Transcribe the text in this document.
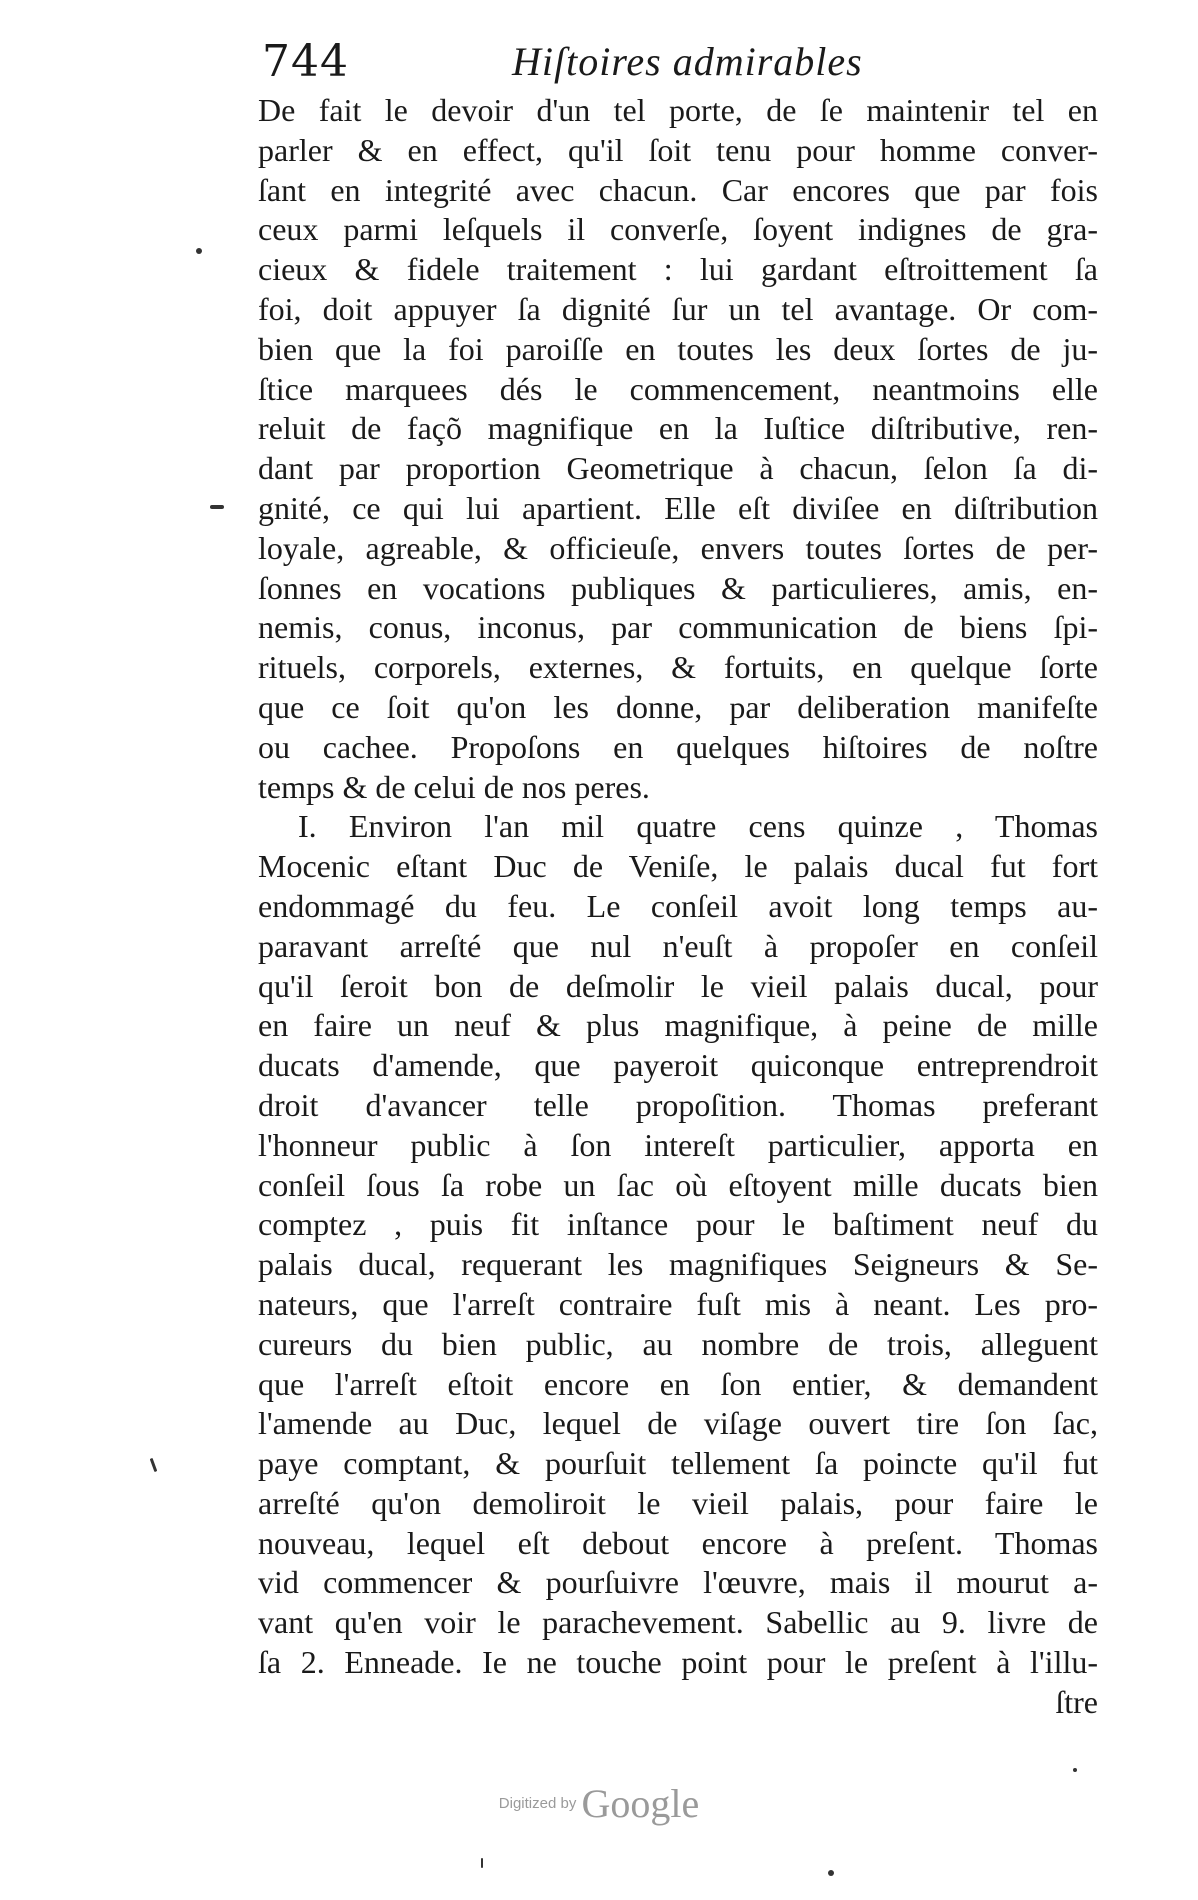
744	Hiſtoires admirables
De fait le devoir d'un tel porte, de ſe maintenir tel en
parler & en effect, qu'il ſoit tenu pour homme conver-
ſant en integrité avec chacun. Car encores que par fois
ceux parmi leſquels il converſe, ſoyent indignes de gra-
cieux & fidele traitement : lui gardant eſtroittement ſa
foi, doit appuyer ſa dignité ſur un tel avantage. Or com-
bien que la foi paroiſſe en toutes les deux ſortes de ju-
ſtice marquees dés le commencement, neantmoins elle
reluit de façõ magnifique en la Iuſtice diſtributive, ren-
dant par proportion Geometrique à chacun, ſelon ſa di-
gnité, ce qui lui apartient. Elle eſt diviſee en diſtribution
loyale, agreable, & officieuſe, envers toutes ſortes de per-
ſonnes en vocations publiques & particulieres, amis, en-
nemis, conus, inconus, par communication de biens ſpi-
rituels, corporels, externes, & fortuits, en quelque ſorte
que ce ſoit qu'on les donne, par deliberation manifeſte
ou cachee. Propoſons en quelques hiſtoires de noſtre
temps & de celui de nos peres.
I. Environ l'an mil quatre cens quinze , Thomas
Mocenic eſtant Duc de Veniſe, le palais ducal fut fort
endommagé du feu. Le conſeil avoit long temps au-
paravant arreſté que nul n'euſt à propoſer en conſeil
qu'il ſeroit bon de deſmolir le vieil palais ducal, pour
en faire un neuf & plus magnifique, à peine de mille
ducats d'amende, que payeroit quiconque entreprendroit
droit d'avancer telle propoſition. Thomas preferant
l'honneur public à ſon intereſt particulier, apporta en
conſeil ſous ſa robe un ſac où eſtoyent mille ducats bien
comptez , puis fit inſtance pour le baſtiment neuf du
palais ducal, requerant les magnifiques Seigneurs & Se-
nateurs, que l'arreſt contraire fuſt mis à neant. Les pro-
cureurs du bien public, au nombre de trois, alleguent
que l'arreſt eſtoit encore en ſon entier, & demandent
l'amende au Duc, lequel de viſage ouvert tire ſon ſac,
paye comptant, & pourſuit tellement ſa poincte qu'il fut
arreſté qu'on demoliroit le vieil palais, pour faire le
nouveau, lequel eſt debout encore à preſent. Thomas
vid commencer & pourſuivre l'œuvre, mais il mourut a-
vant qu'en voir le parachevement. Sabellic au 9. livre de
ſa 2. Enneade. Ie ne touche point pour le preſent à l'illu-
ſtre
Digitized by Google
